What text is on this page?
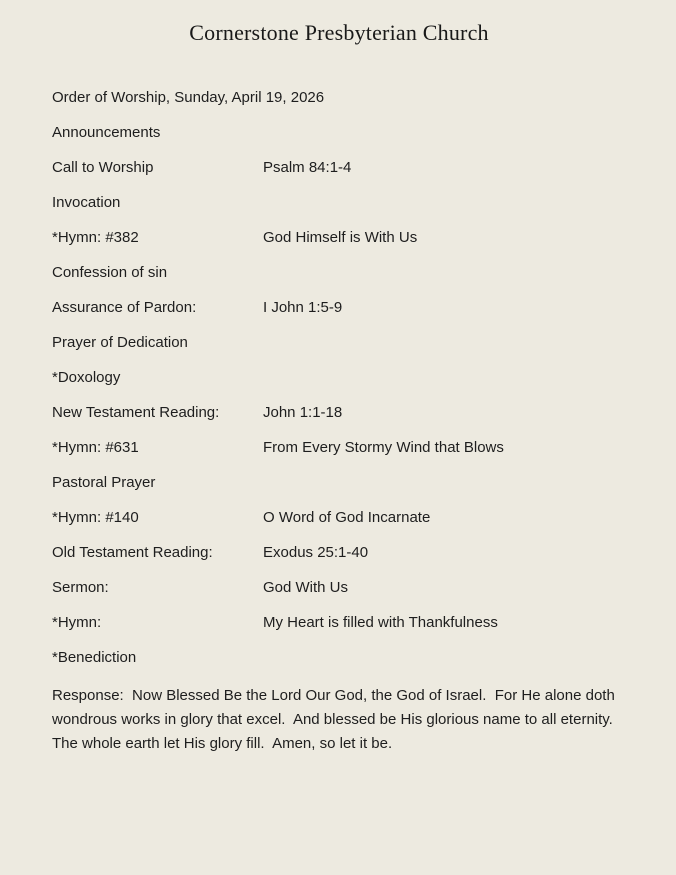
Cornerstone Presbyterian Church
Order of Worship, Sunday, April 19, 2026
Announcements
Call to Worship	Psalm 84:1-4
Invocation
*Hymn: #382	God Himself is With Us
Confession of sin
Assurance of Pardon:	I John 1:5-9
Prayer of Dedication
*Doxology
New Testament Reading:	John 1:1-18
*Hymn: #631	From Every Stormy Wind that Blows
Pastoral Prayer
*Hymn: #140	O Word of God Incarnate
Old Testament Reading:	Exodus 25:1-40
Sermon:	God With Us
*Hymn:	My Heart is filled with Thankfulness
*Benediction

Response:  Now Blessed Be the Lord Our God, the God of Israel.  For He alone doth wondrous works in glory that excel.  And blessed be His glorious name to all eternity.  The whole earth let His glory fill.  Amen, so let it be.
